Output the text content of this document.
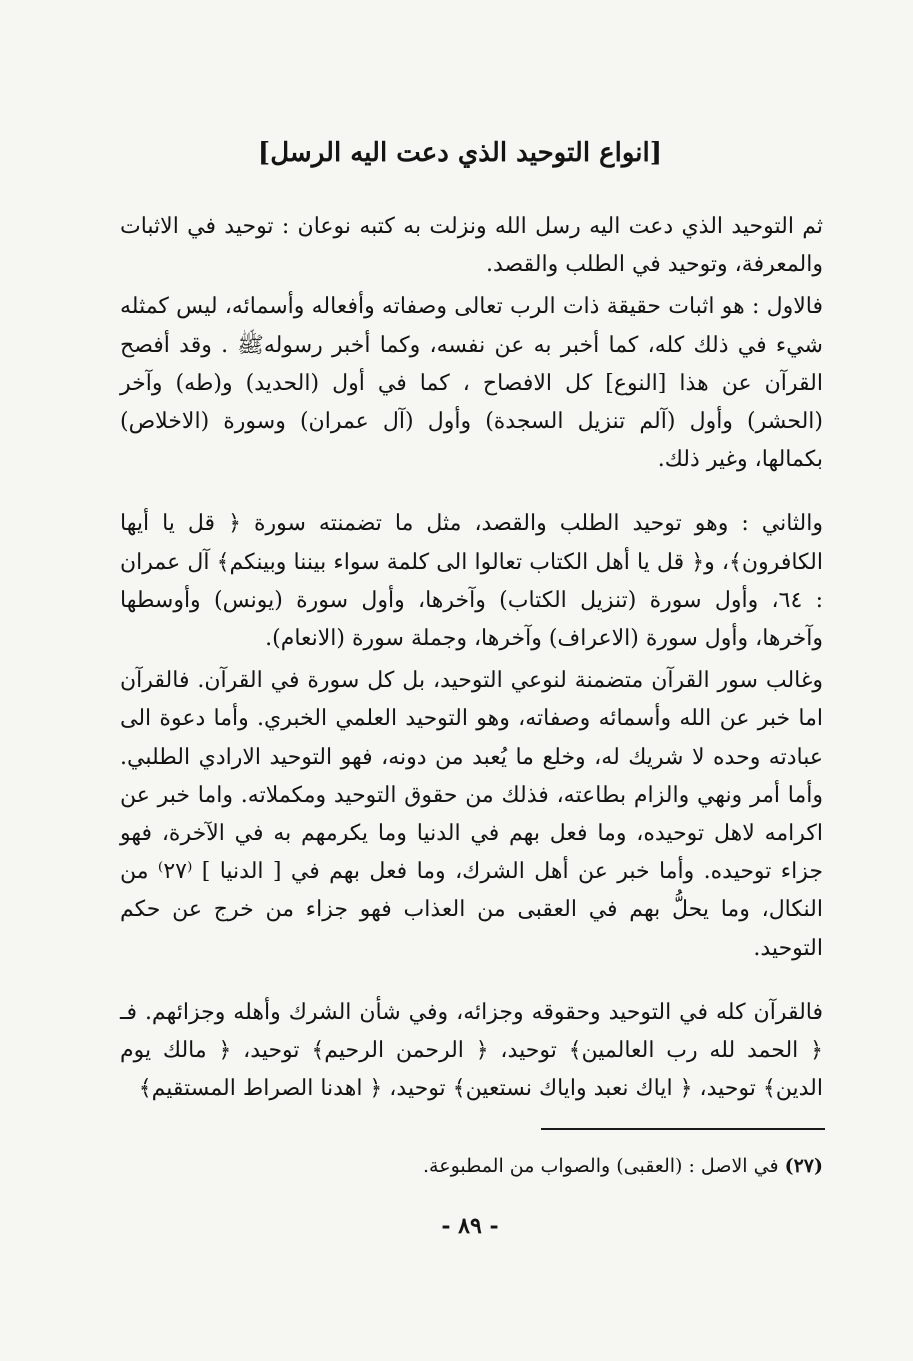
[انواع التوحيد الذي دعت اليه الرسل]

ثم التوحيد الذي دعت اليه رسل الله ونزلت به كتبه نوعان : توحيد في الاثبات والمعرفة، وتوحيد في الطلب والقصد.

فالاول : هو اثبات حقيقة ذات الرب تعالى وصفاته وأفعاله وأسمائه، ليس كمثله شيء في ذلك كله، كما أخبر به عن نفسه، وكما أخبر رسولهﷺ . وقد أفصح القرآن عن هذا [النوع] كل الافصاح ، كما في أول (الحديد) و(طه) وآخر (الحشر) وأول (آلم تنزيل السجدة) وأول (آل عمران) وسورة (الاخلاص) بكمالها، وغير ذلك.

والثاني : وهو توحيد الطلب والقصد، مثل ما تضمنته سورة ﴿ قل يا أيها الكافرون﴾، و﴿ قل يا أهل الكتاب تعالوا الى كلمة سواء بيننا وبينكم﴾ آل عمران : ٦٤، وأول سورة (تنزيل الكتاب) وآخرها، وأول سورة (يونس) وأوسطها وآخرها، وأول سورة (الاعراف) وآخرها، وجملة سورة (الانعام).

وغالب سور القرآن متضمنة لنوعي التوحيد، بل كل سورة في القرآن. فالقرآن اما خبر عن الله وأسمائه وصفاته، وهو التوحيد العلمي الخبري. وأما دعوة الى عبادته وحده لا شريك له، وخلع ما يُعبد من دونه، فهو التوحيد الارادي الطلبي. وأما أمر ونهي والزام بطاعته، فذلك من حقوق التوحيد ومكملاته. واما خبر عن اكرامه لاهل توحيده، وما فعل بهم في الدنيا وما يكرمهم به في الآخرة، فهو جزاء توحيده. وأما خبر عن أهل الشرك، وما فعل بهم في [ الدنيا ] ⁽٢٧⁾ من النكال، وما يحلُّ بهم في العقبى من العذاب فهو جزاء من خرج عن حكم التوحيد.

فالقرآن كله في التوحيد وحقوقه وجزائه، وفي شأن الشرك وأهله وجزائهم. فـ ﴿ الحمد لله رب العالمين﴾ توحيد، ﴿ الرحمن الرحيم﴾ توحيد، ﴿ مالك يوم الدين﴾ توحيد، ﴿ اياك نعبد واياك نستعين﴾ توحيد، ﴿ اهدنا الصراط المستقيم﴾

(٢٧) في الاصل : (العقبى) والصواب من المطبوعة.
- ٨٩ -
